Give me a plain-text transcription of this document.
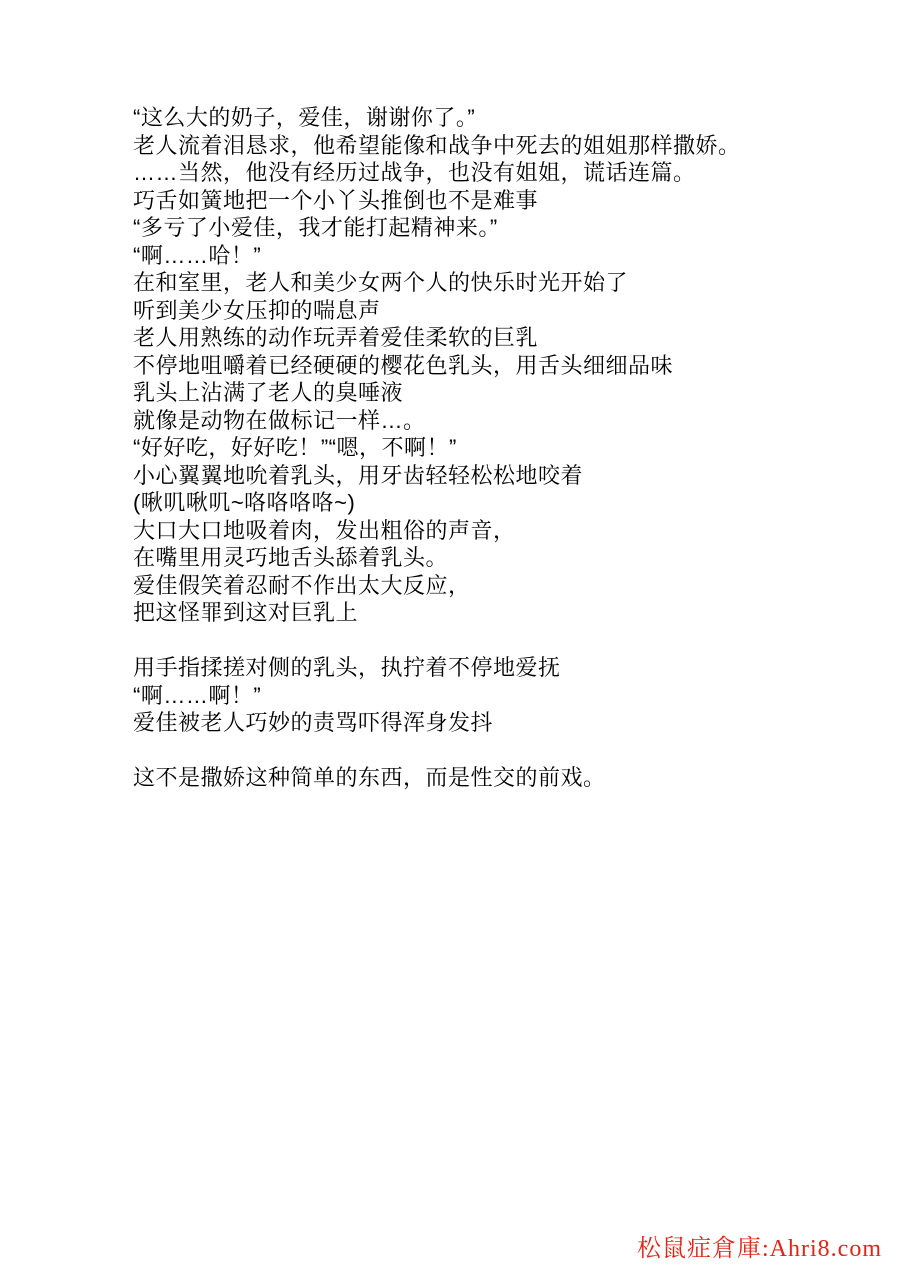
“这么大的奶子，爱佳，谢谢你了。”
老人流着泪恳求，他希望能像和战争中死去的姐姐那样撒娇。
……当然，他没有经历过战争，也没有姐姐，谎话连篇。
巧舌如簧地把一个小丫头推倒也不是难事
“多亏了小爱佳，我才能打起精神来。”
“啊……哈！”
在和室里，老人和美少女两个人的快乐时光开始了
听到美少女压抑的喘息声
老人用熟练的动作玩弄着爱佳柔软的巨乳
不停地咀嚼着已经硬硬的樱花色乳头，用舌头细细品味
乳头上沾满了老人的臭唾液
就像是动物在做标记一样…。
“好好吃，好好吃！”“嗯，不啊！”
小心翼翼地吮着乳头，用牙齿轻轻松松地咬着
(啾叽啾叽~咯咯咯咯~)
大口大口地吸着肉，发出粗俗的声音，
在嘴里用灵巧地舌头舔着乳头。
爱佳假笑着忍耐不作出太大反应，
把这怪罪到这对巨乳上
用手指揉搓对侧的乳头，执拧着不停地爱抚
“啊……啊！”
爱佳被老人巧妙的责骂吓得浑身发抖
这不是撒娇这种简单的东西，而是性交的前戏。
松鼠症倉庫:Ahri8.com
